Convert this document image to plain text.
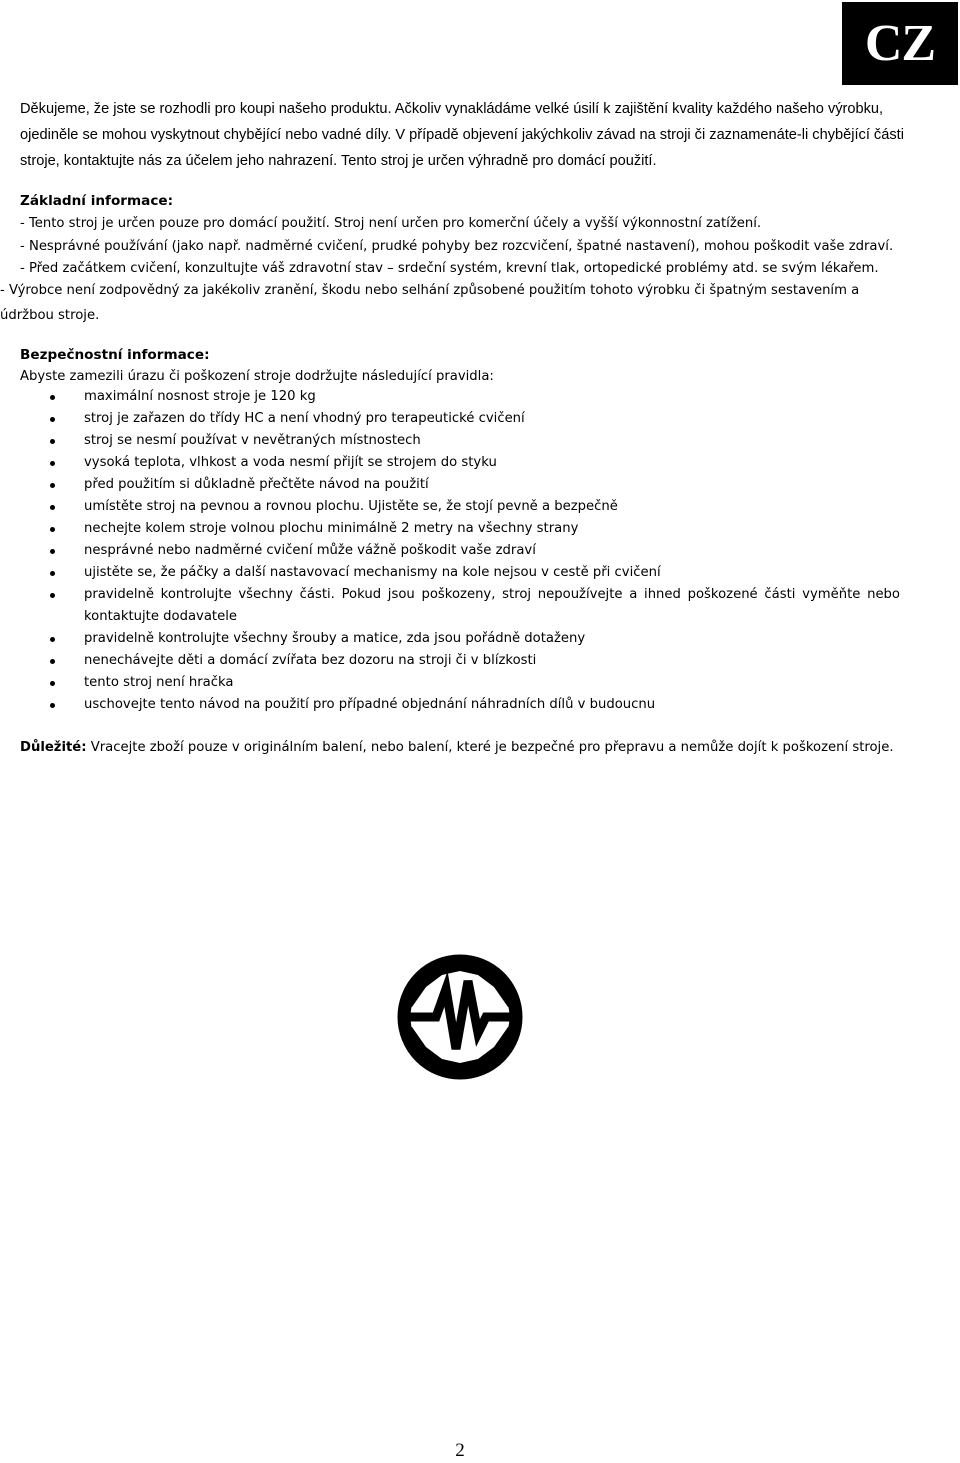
CZ

Děkujeme, že jste se rozhodli pro koupi našeho produktu. Ačkoliv vynakládáme velké úsilí k zajištění kvality každého našeho výrobku, ojediněle se mohou vyskytnout chybějící nebo vadné díly. V případě objevení jakýchkoliv závad na stroji či zaznamenáte-li chybějící části stroje, kontaktujte nás za účelem jeho nahrazení. Tento stroj je určen výhradně pro domácí použití.

Základní informace:
- Tento stroj je určen pouze pro domácí použití. Stroj není určen pro komerční účely a vyšší výkonnostní zatížení.
- Nesprávné používání (jako např. nadměrné cvičení, prudké pohyby bez rozcvičení, špatné nastavení), mohou poškodit vaše zdraví.
- Před začátkem cvičení, konzultujte váš zdravotní stav – srdeční systém, krevní tlak, ortopedické problémy atd. se svým lékařem.
- Výrobce není zodpovědný za jakékoliv zranění, škodu nebo selhání způsobené použitím tohoto výrobku či špatným sestavením a údržbou stroje.
Bezpečnostní informace:
Abyste zamezili úrazu či poškození stroje dodržujte následující pravidla:
maximální nosnost stroje je 120 kg
stroj je zařazen do třídy HC a není vhodný pro terapeutické cvičení
stroj se nesmí používat v nevětraných místnostech
vysoká teplota, vlhkost a voda nesmí přijít se strojem do styku
před použitím si důkladně přečtěte návod na použití
umístěte stroj na pevnou a rovnou plochu. Ujistěte se, že stojí pevně a bezpečně
nechejte kolem stroje volnou plochu minimálně 2 metry na všechny strany
nesprávné nebo nadměrné cvičení může vážně poškodit vaše zdraví
ujistěte se, že páčky a další nastavovací mechanismy na kole nejsou v cestě při cvičení
pravidelně kontrolujte všechny části. Pokud jsou poškozeny, stroj nepoužívejte a ihned poškozené části vyměňte nebo kontaktujte dodavatele
pravidelně kontrolujte všechny šrouby a matice, zda jsou pořádně dotaženy
nenechávejte děti a domácí zvířata bez dozoru na stroji či v blízkosti
tento stroj není hračka
uschovejte tento návod na použití pro případné objednání náhradních dílů v budoucnu
Důležité: Vracejte zboží pouze v originálním balení, nebo balení, které je bezpečné pro přepravu a nemůže dojít k poškození stroje.
2
